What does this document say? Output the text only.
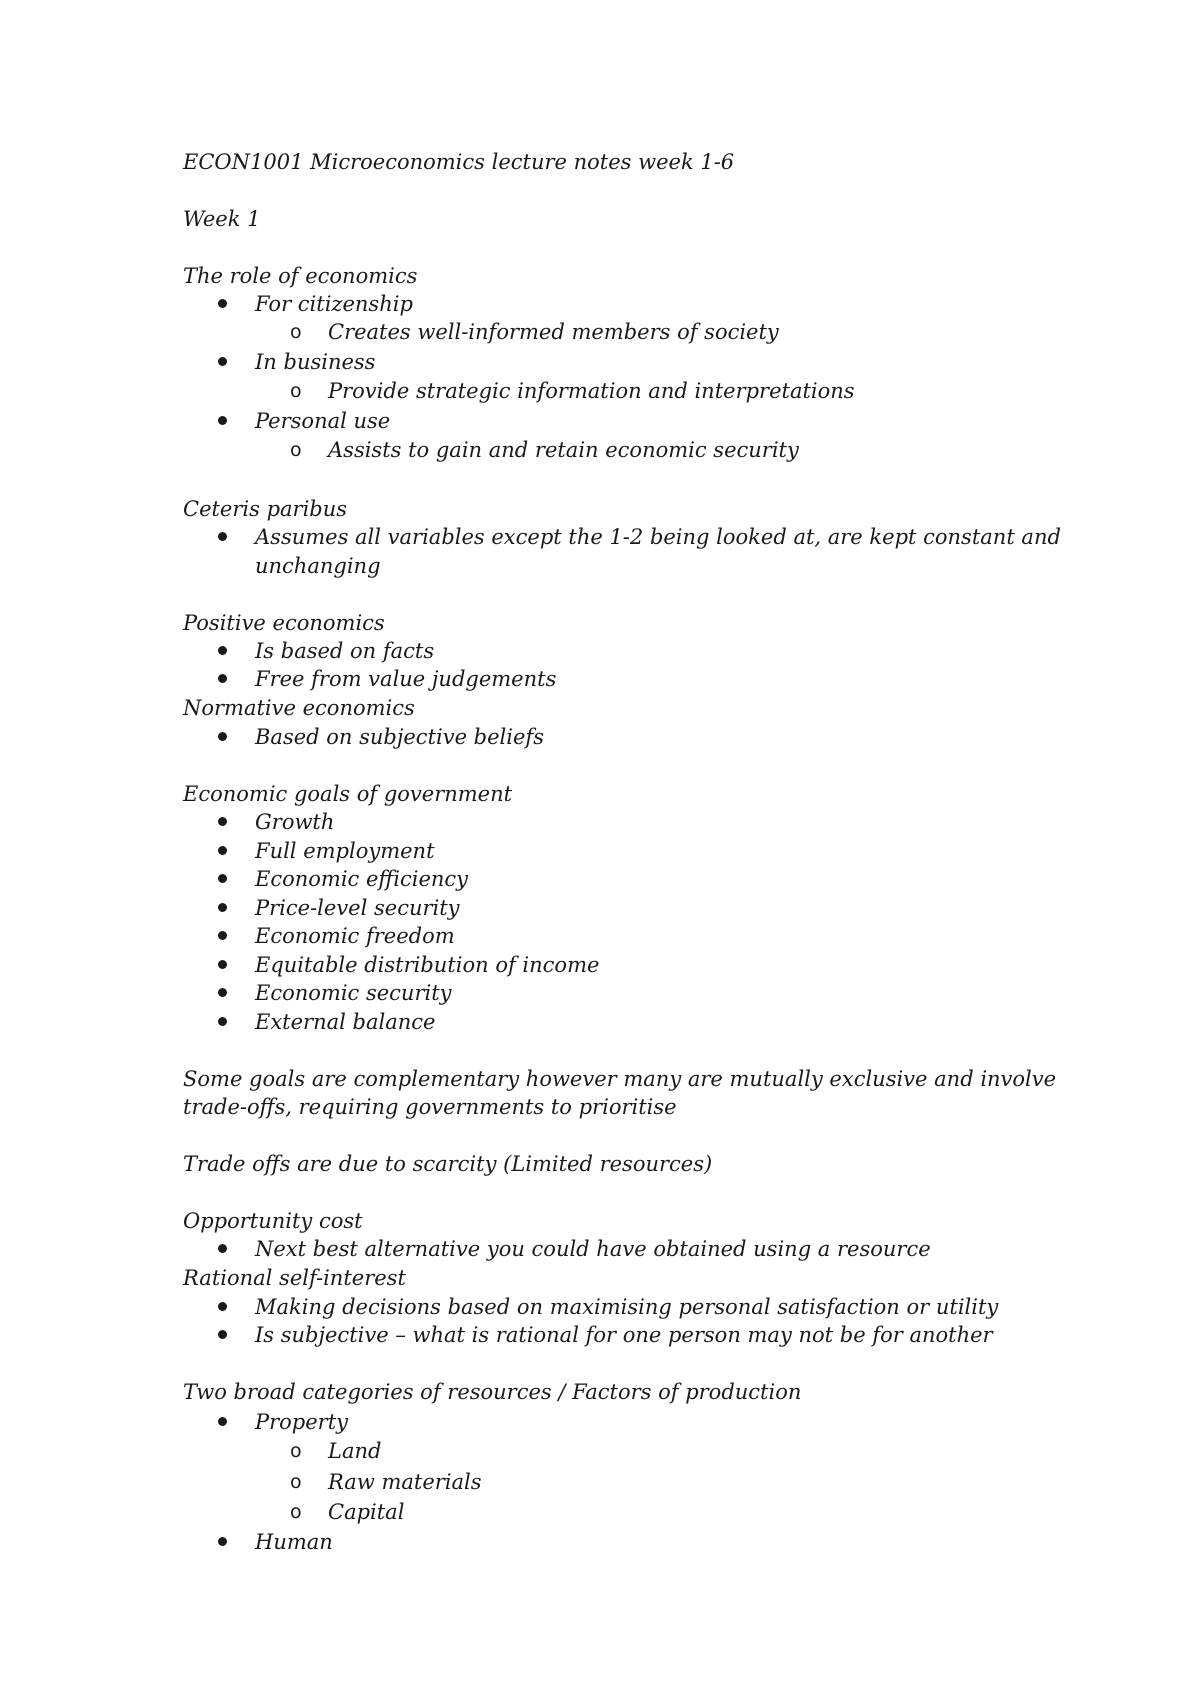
ECON1001 Microeconomics lecture notes week 1-6
Week 1
The role of economics
For citizenship
o Creates well-informed members of society
In business
o Provide strategic information and interpretations
Personal use
o Assists to gain and retain economic security
Ceteris paribus
Assumes all variables except the 1-2 being looked at, are kept constant and
unchanging
Positive economics
Is based on facts
Free from value judgements
Normative economics
Based on subjective beliefs
Economic goals of government
Growth
Full employment
Economic efficiency
Price-level security
Economic freedom
Equitable distribution of income
Economic security
External balance
Some goals are complementary however many are mutually exclusive and involve
trade-offs, requiring governments to prioritise
Trade offs are due to scarcity (Limited resources)
Opportunity cost
Next best alternative you could have obtained using a resource
Rational self-interest
Making decisions based on maximising personal satisfaction or utility
Is subjective – what is rational for one person may not be for another
Two broad categories of resources / Factors of production
Property
o Land
o Raw materials
o Capital
Human
